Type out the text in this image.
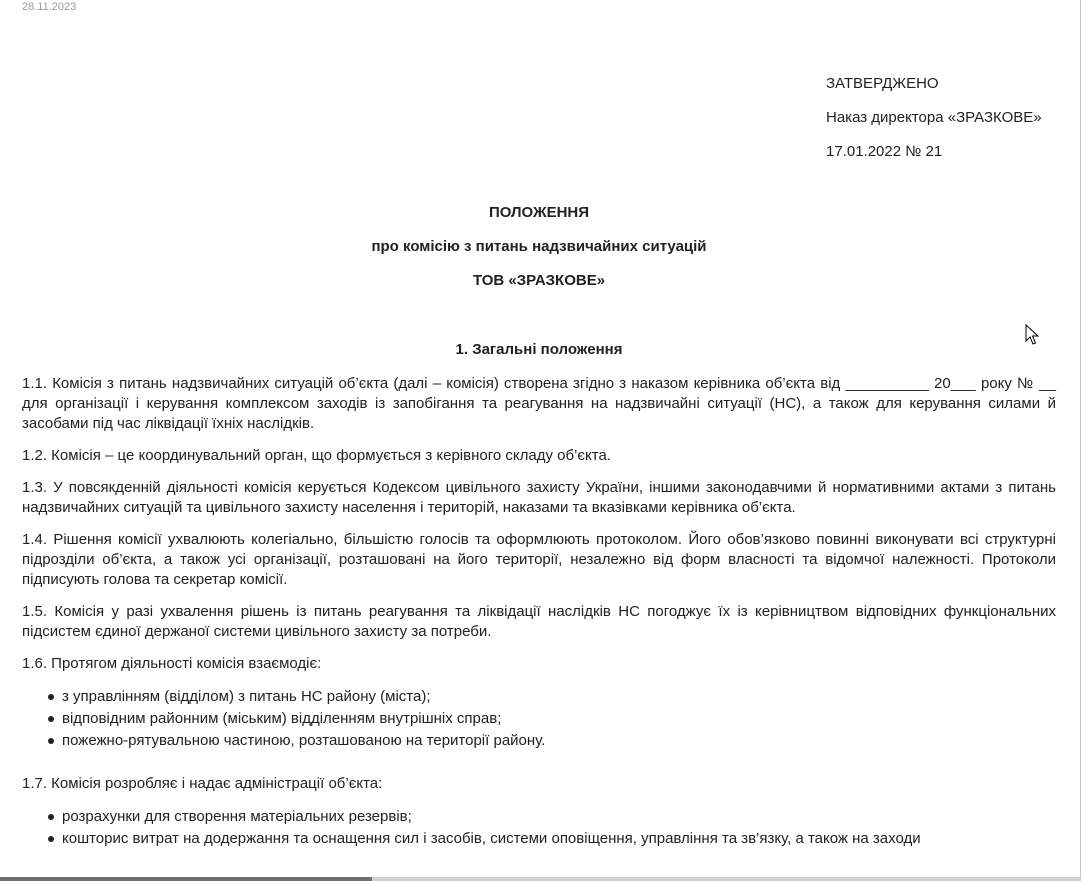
28.11.2023
ЗАТВЕРДЖЕНО
Наказ директора «ЗРАЗКОВЕ»
17.01.2022 № 21
ПОЛОЖЕННЯ
про комісію з питань надзвичайних ситуацій
ТОВ «ЗРАЗКОВЕ»
1. Загальні положення

1.1. Комісія з питань надзвичайних ситуацій об’єкта (далі – комісія) створена згідно з наказом керівника об’єкта від __________ 20___ року № __ для організації і керування комплексом заходів із запобігання та реагування на надзвичайні ситуації (НС), а також для керування силами й засобами під час ліквідації їхніх наслідків.

1.2. Комісія – це координувальний орган, що формується з керівного складу об’єкта.

1.3. У повсякденній діяльності комісія керується Кодексом цивільного захисту України, іншими законодавчими й нормативними актами з питань надзвичайних ситуацій та цивільного захисту населення і територій, наказами та вказівками керівника об’єкта.

1.4. Рішення комісії ухвалюють колегіально, більшістю голосів та оформлюють протоколом. Його обов’язково повинні виконувати всі структурні підрозділи об’єкта, а також усі організації, розташовані на його території, незалежно від форм власності та відомчої належності. Протоколи підписують голова та секретар комісії.

1.5. Комісія у разі ухвалення рішень із питань реагування та ліквідації наслідків НС погоджує їх із керівництвом відповідних функціональних підсистем єдиної держаної системи цивільного захисту за потреби.

1.6. Протягом діяльності комісія взаємодіє:

з управлінням (відділом) з питань НС району (міста);
відповідним районним (міським) відділенням внутрішніх справ;
пожежно-рятувальною частиною, розташованою на території району.

1.7. Комісія розробляє і надає адміністрації об’єкта:

розрахунки для створення матеріальних резервів;
кошторис витрат на додержання та оснащення сил і засобів, системи оповіщення, управління та зв’язку, а також на заходи
